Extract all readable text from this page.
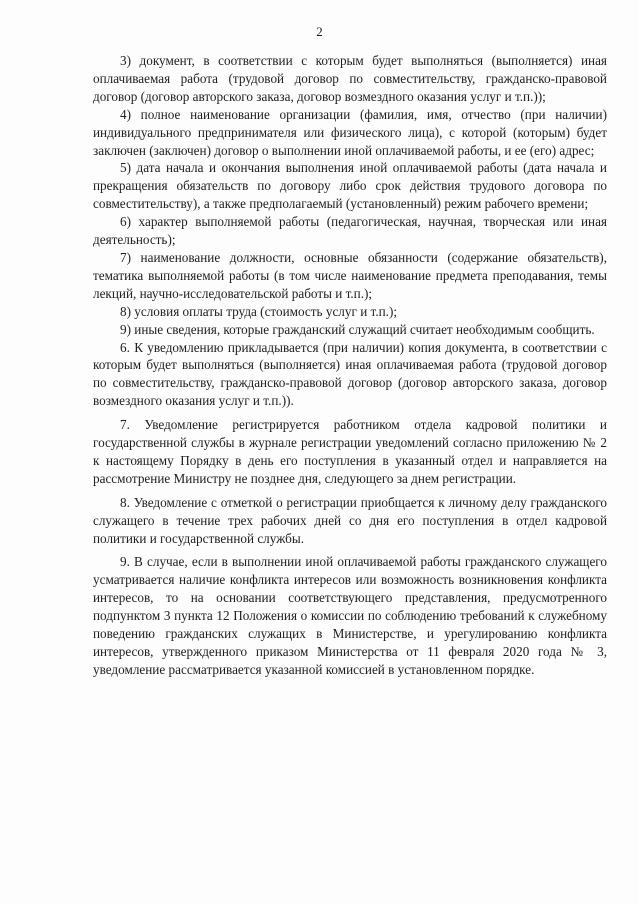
2

3) документ, в соответствии с которым будет выполняться (выполняется) иная оплачиваемая работа (трудовой договор по совместительству, гражданско-правовой договор (договор авторского заказа, договор возмездного оказания услуг и т.п.));

4) полное наименование организации (фамилия, имя, отчество (при наличии) индивидуального предпринимателя или физического лица), с которой (которым) будет заключен (заключен) договор о выполнении иной оплачиваемой работы, и ее (его) адрес;

5) дата начала и окончания выполнения иной оплачиваемой работы (дата начала и прекращения обязательств по договору либо срок действия трудового договора по совместительству), а также предполагаемый (установленный) режим рабочего времени;

6) характер выполняемой работы (педагогическая, научная, творческая или иная деятельность);

7) наименование должности, основные обязанности (содержание обязательств), тематика выполняемой работы (в том числе наименование предмета преподавания, темы лекций, научно-исследовательской работы и т.п.);

8) условия оплаты труда (стоимость услуг и т.п.);

9) иные сведения, которые гражданский служащий считает необходимым сообщить.

6. К уведомлению прикладывается (при наличии) копия документа, в соответствии с которым будет выполняться (выполняется) иная оплачиваемая работа (трудовой договор по совместительству, гражданско-правовой договор (договор авторского заказа, договор возмездного оказания услуг и т.п.)).

7. Уведомление регистрируется работником отдела кадровой политики и государственной службы в журнале регистрации уведомлений согласно приложению № 2 к настоящему Порядку в день его поступления в указанный отдел и направляется на рассмотрение Министру не позднее дня, следующего за днем регистрации.

8. Уведомление с отметкой о регистрации приобщается к личному делу гражданского служащего в течение трех рабочих дней со дня его поступления в отдел кадровой политики и государственной службы.

9. В случае, если в выполнении иной оплачиваемой работы гражданского служащего усматривается наличие конфликта интересов или возможность возникновения конфликта интересов, то на основании соответствующего представления, предусмотренного подпунктом 3 пункта 12 Положения о комиссии по соблюдению требований к служебному поведению гражданских служащих в Министерстве, и урегулированию конфликта интересов, утвержденного приказом Министерства от 11 февраля 2020 года № 3, уведомление рассматривается указанной комиссией в установленном порядке.
